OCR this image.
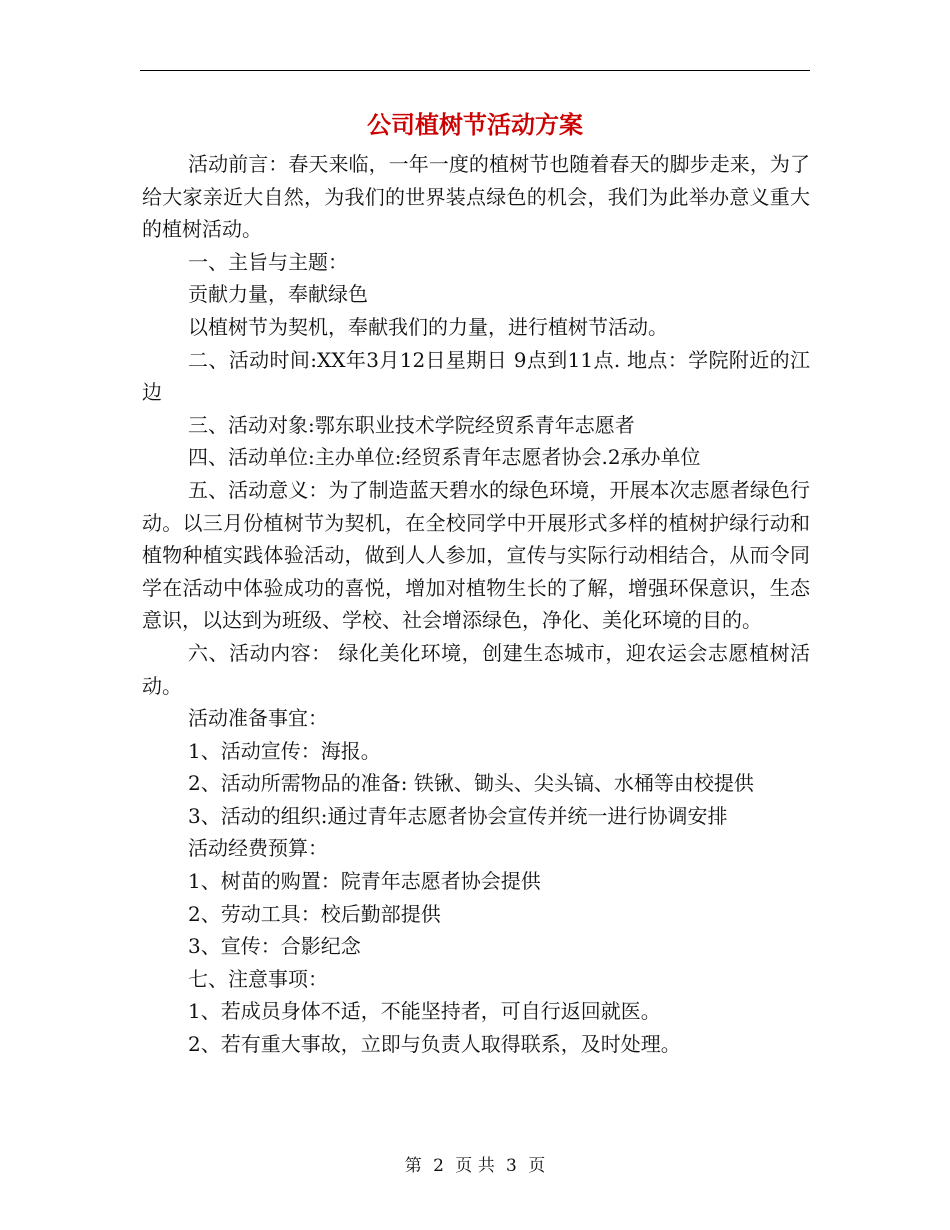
公司植树节活动方案

活动前言：春天来临，一年一度的植树节也随着春天的脚步走来，为了给大家亲近大自然，为我们的世界装点绿色的机会，我们为此举办意义重大的植树活动。

一、主旨与主题：

贡献力量，奉献绿色

以植树节为契机，奉献我们的力量，进行植树节活动。

二、活动时间:XX年3月12日星期日 9点到11点. 地点：学院附近的江边

三、活动对象:鄂东职业技术学院经贸系青年志愿者

四、活动单位:主办单位:经贸系青年志愿者协会.2承办单位

五、活动意义：为了制造蓝天碧水的绿色环境，开展本次志愿者绿色行动。以三月份植树节为契机，在全校同学中开展形式多样的植树护绿行动和植物种植实践体验活动，做到人人参加，宣传与实际行动相结合，从而令同学在活动中体验成功的喜悦，增加对植物生长的了解，增强环保意识，生态意识，以达到为班级、学校、社会增添绿色，净化、美化环境的目的。

六、活动内容： 绿化美化环境，创建生态城市，迎农运会志愿植树活动。

活动准备事宜：

1、活动宣传：海报。

2、活动所需物品的准备: 铁锹、锄头、尖头镐、水桶等由校提供

3、活动的组织:通过青年志愿者协会宣传并统一进行协调安排

活动经费预算：

1、树苗的购置：院青年志愿者协会提供

2、劳动工具：校后勤部提供

3、宣传：合影纪念

七、注意事项：

1、若成员身体不适，不能坚持者，可自行返回就医。

2、若有重大事故，立即与负责人取得联系，及时处理。

第 2 页 共 3 页
